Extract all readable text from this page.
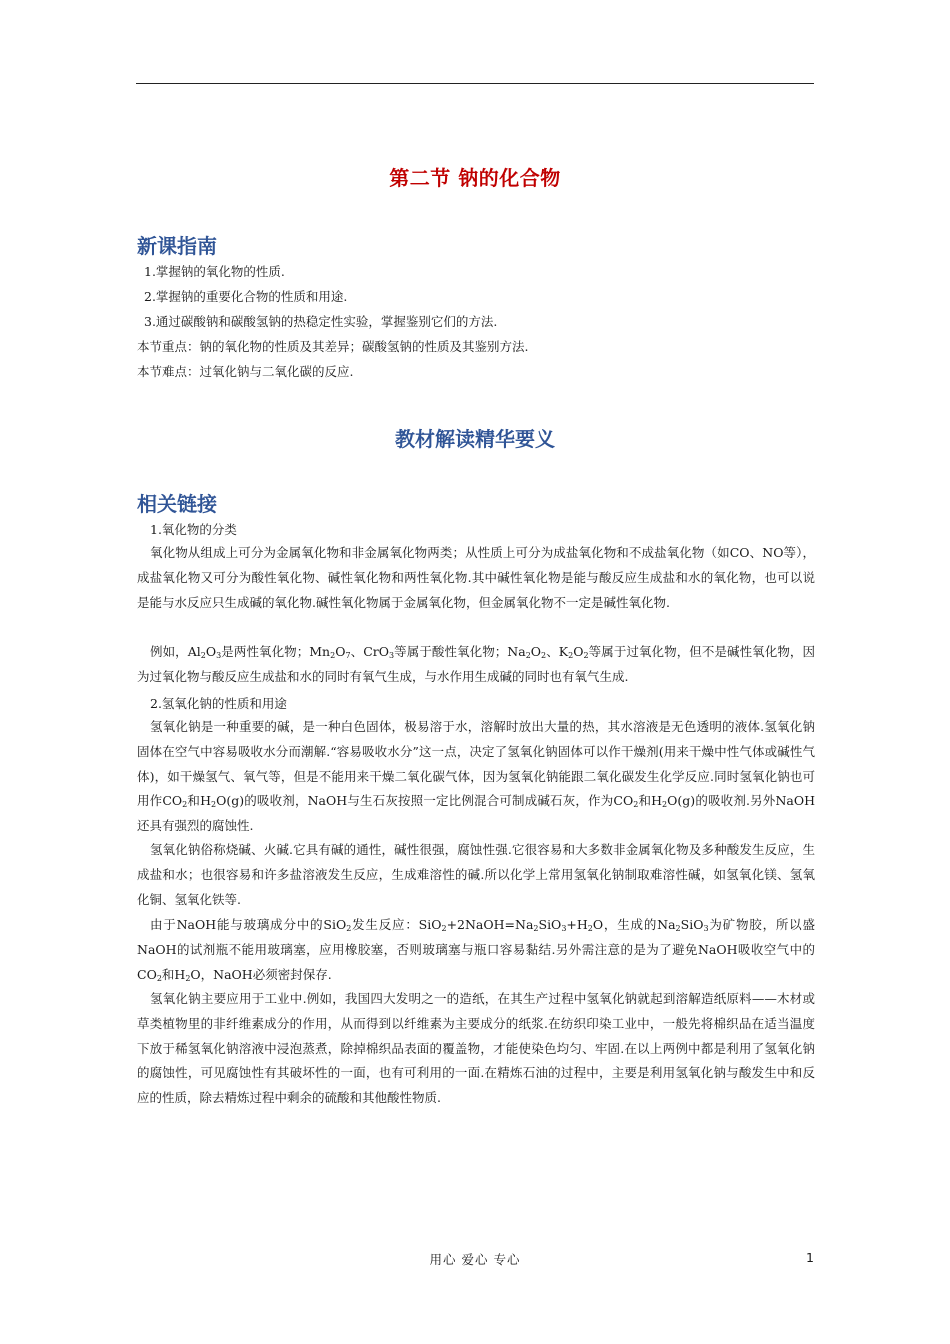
第二节 钠的化合物
新课指南
1.掌握钠的氧化物的性质.
2.掌握钠的重要化合物的性质和用途.
3.通过碳酸钠和碳酸氢钠的热稳定性实验，掌握鉴别它们的方法.
本节重点：钠的氧化物的性质及其差异；碳酸氢钠的性质及其鉴别方法.
本节难点：过氧化钠与二氧化碳的反应.
教材解读精华要义
相关链接
1.氧化物的分类

氧化物从组成上可分为金属氧化物和非金属氧化物两类；从性质上可分为成盐氧化物和不成盐氧化物（如CO、NO等），成盐氧化物又可分为酸性氧化物、碱性氧化物和两性氧化物.其中碱性氧化物是能与酸反应生成盐和水的氧化物，也可以说是能与水反应只生成碱的氧化物.碱性氧化物属于金属氧化物，但金属氧化物不一定是碱性氧化物.

例如，$Al_2O_3$是两性氧化物；$Mn_2O_7$、CrO$_3$等属于酸性氧化物；$Na_2O_2$、$K_2O_2$等属于过氧化物，但不是碱性氧化物，因为过氧化物与酸反应生成盐和水的同时有氧气生成，与水作用生成碱的同时也有氧气生成.

2.氢氧化钠的性质和用途

氢氧化钠是一种重要的碱，是一种白色固体，极易溶于水，溶解时放出大量的热，其水溶液是无色透明的液体.氢氧化钠固体在空气中容易吸收水分而潮解.“容易吸收水分”这一点，决定了氢氧化钠固体可以作干燥剂(用来干燥中性气体或碱性气体)，如干燥氢气、氧气等，但是不能用来干燥二氧化碳气体，因为氢氧化钠能跟二氧化碳发生化学反应.同时氢氧化钠也可用作$CO_2$和$H_2O(g)$的吸收剂，NaOH与生石灰按照一定比例混合可制成碱石灰，作为$CO_2$和$H_2O(g)$的吸收剂.另外NaOH还具有强烈的腐蚀性.

氢氧化钠俗称烧碱、火碱.它具有碱的通性，碱性很强，腐蚀性强.它很容易和大多数非金属氧化物及多种酸发生反应，生成盐和水；也很容易和许多盐溶液发生反应，生成难溶性的碱.所以化学上常用氢氧化钠制取难溶性碱，如氢氧化镁、氢氧化铜、氢氧化铁等.

由于NaOH能与玻璃成分中的SiO$_2$发生反应：$SiO_2+2NaOH=Na_2SiO_3+H_2O$，生成的$Na_2SiO_3$为矿物胶，所以盛NaOH的试剂瓶不能用玻璃塞，应用橡胶塞，否则玻璃塞与瓶口容易黏结.另外需注意的是为了避免NaOH吸收空气中的$CO_2$和$H_2O$，NaOH必须密封保存.

氢氧化钠主要应用于工业中.例如，我国四大发明之一的造纸，在其生产过程中氢氧化钠就起到溶解造纸原料——木材或草类植物里的非纤维素成分的作用，从而得到以纤维素为主要成分的纸浆.在纺织印染工业中，一般先将棉织品在适当温度下放于稀氢氧化钠溶液中浸泡蒸煮，除掉棉织品表面的覆盖物，才能使染色均匀、牢固.在以上两例中都是利用了氢氧化钠的腐蚀性，可见腐蚀性有其破坏性的一面，也有可利用的一面.在精炼石油的过程中，主要是利用氢氧化钠与酸发生中和反应的性质，除去精炼过程中剩余的硫酸和其他酸性物质.

用心 爱心 专心	1
